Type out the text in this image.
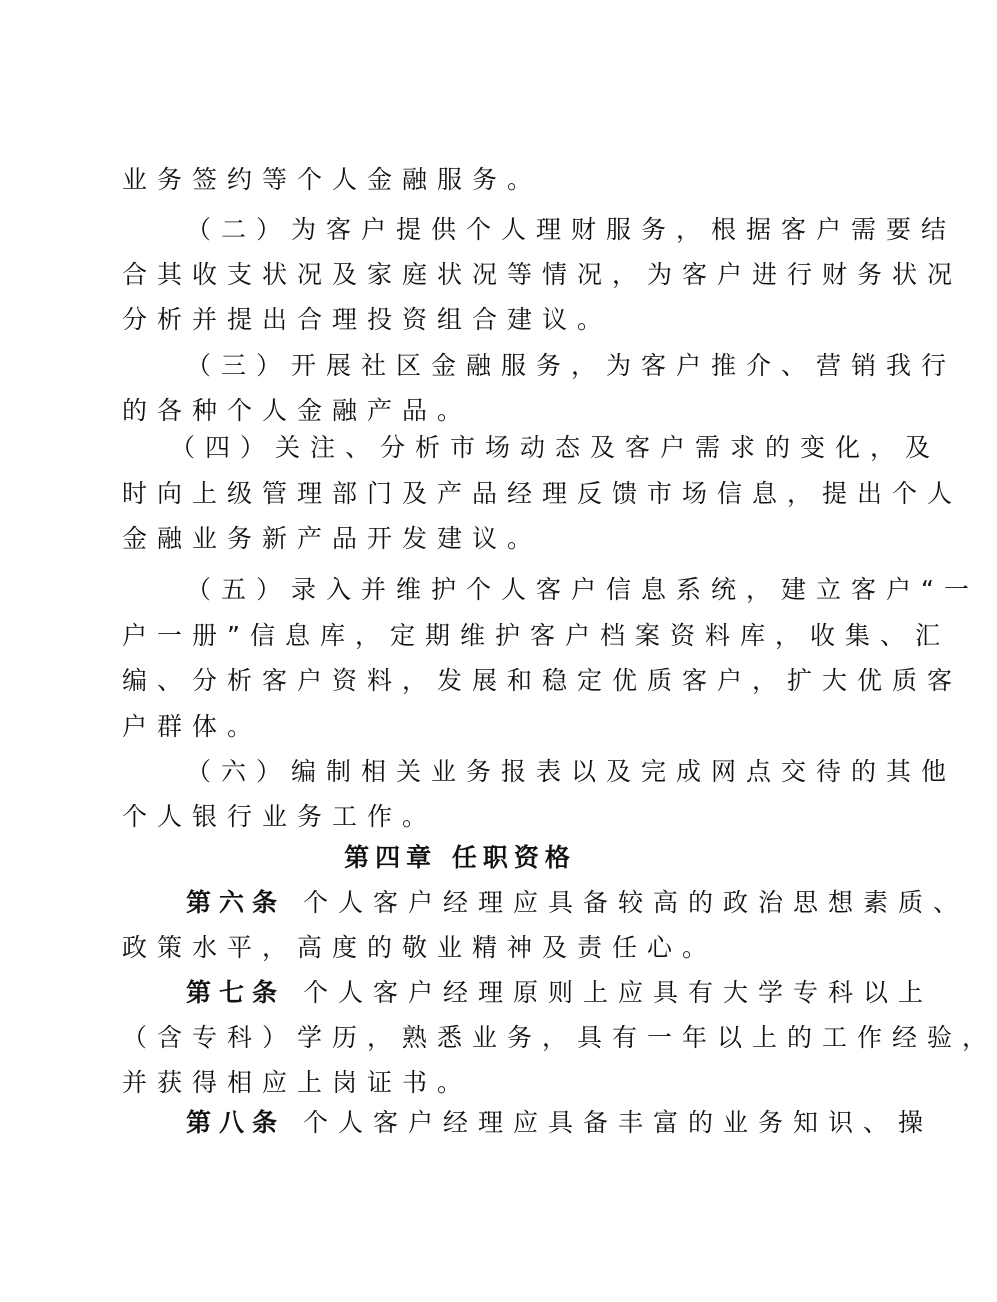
业务签约等个人金融服务。
（二）为客户提供个人理财服务，根据客户需要结
合其收支状况及家庭状况等情况，为客户进行财务状况
分析并提出合理投资组合建议。
（三）开展社区金融服务，为客户推介、营销我行
的各种个人金融产品。
（四）关注、分析市场动态及客户需求的变化，及
时向上级管理部门及产品经理反馈市场信息，提出个人
金融业务新产品开发建议。
（五）录入并维护个人客户信息系统，建立客户“一
户一册”信息库，定期维护客户档案资料库，收集、汇
编、分析客户资料，发展和稳定优质客户，扩大优质客
户群体。
（六）编制相关业务报表以及完成网点交待的其他
个人银行业务工作。
第四章 任职资格
第六条 个人客户经理应具备较高的政治思想素质、
政策水平，高度的敬业精神及责任心。
第七条 个人客户经理原则上应具有大学专科以上
（含专科）学历，熟悉业务，具有一年以上的工作经验，
并获得相应上岗证书。
第八条 个人客户经理应具备丰富的业务知识、操
